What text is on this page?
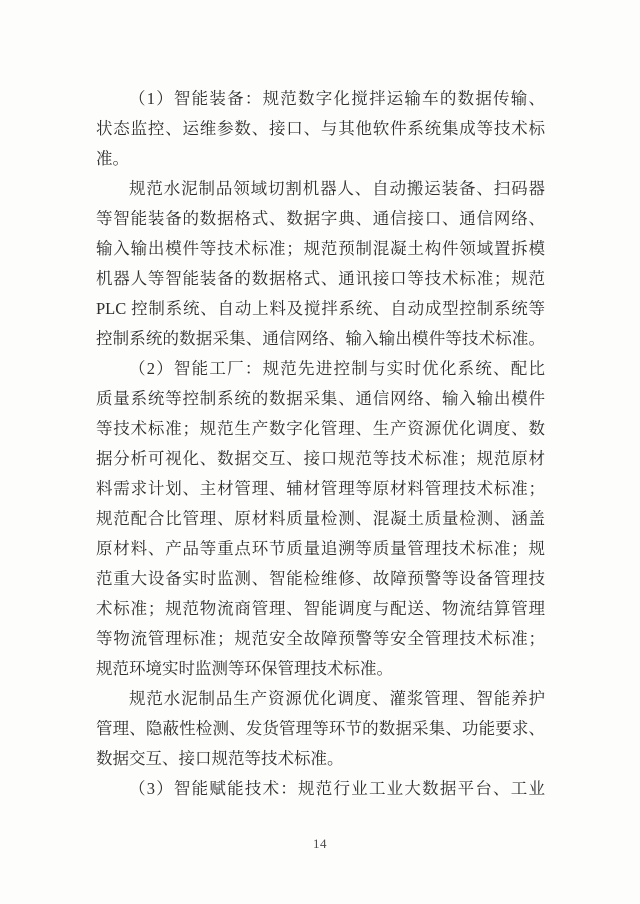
（1）智能装备：规范数字化搅拌运输车的数据传输、
状态监控、运维参数、接口、与其他软件系统集成等技术标
准。
规范水泥制品领域切割机器人、自动搬运装备、扫码器
等智能装备的数据格式、数据字典、通信接口、通信网络、
输入输出模件等技术标准；规范预制混凝土构件领域置拆模
机器人等智能装备的数据格式、通讯接口等技术标准；规范
PLC 控制系统、自动上料及搅拌系统、自动成型控制系统等
控制系统的数据采集、通信网络、输入输出模件等技术标准。
（2）智能工厂：规范先进控制与实时优化系统、配比
质量系统等控制系统的数据采集、通信网络、输入输出模件
等技术标准；规范生产数字化管理、生产资源优化调度、数
据分析可视化、数据交互、接口规范等技术标准；规范原材
料需求计划、主材管理、辅材管理等原材料管理技术标准；
规范配合比管理、原材料质量检测、混凝土质量检测、涵盖
原材料、产品等重点环节质量追溯等质量管理技术标准；规
范重大设备实时监测、智能检维修、故障预警等设备管理技
术标准；规范物流商管理、智能调度与配送、物流结算管理
等物流管理标准；规范安全故障预警等安全管理技术标准；
规范环境实时监测等环保管理技术标准。
规范水泥制品生产资源优化调度、灌浆管理、智能养护
管理、隐蔽性检测、发货管理等环节的数据采集、功能要求、
数据交互、接口规范等技术标准。
（3）智能赋能技术：规范行业工业大数据平台、工业
14
